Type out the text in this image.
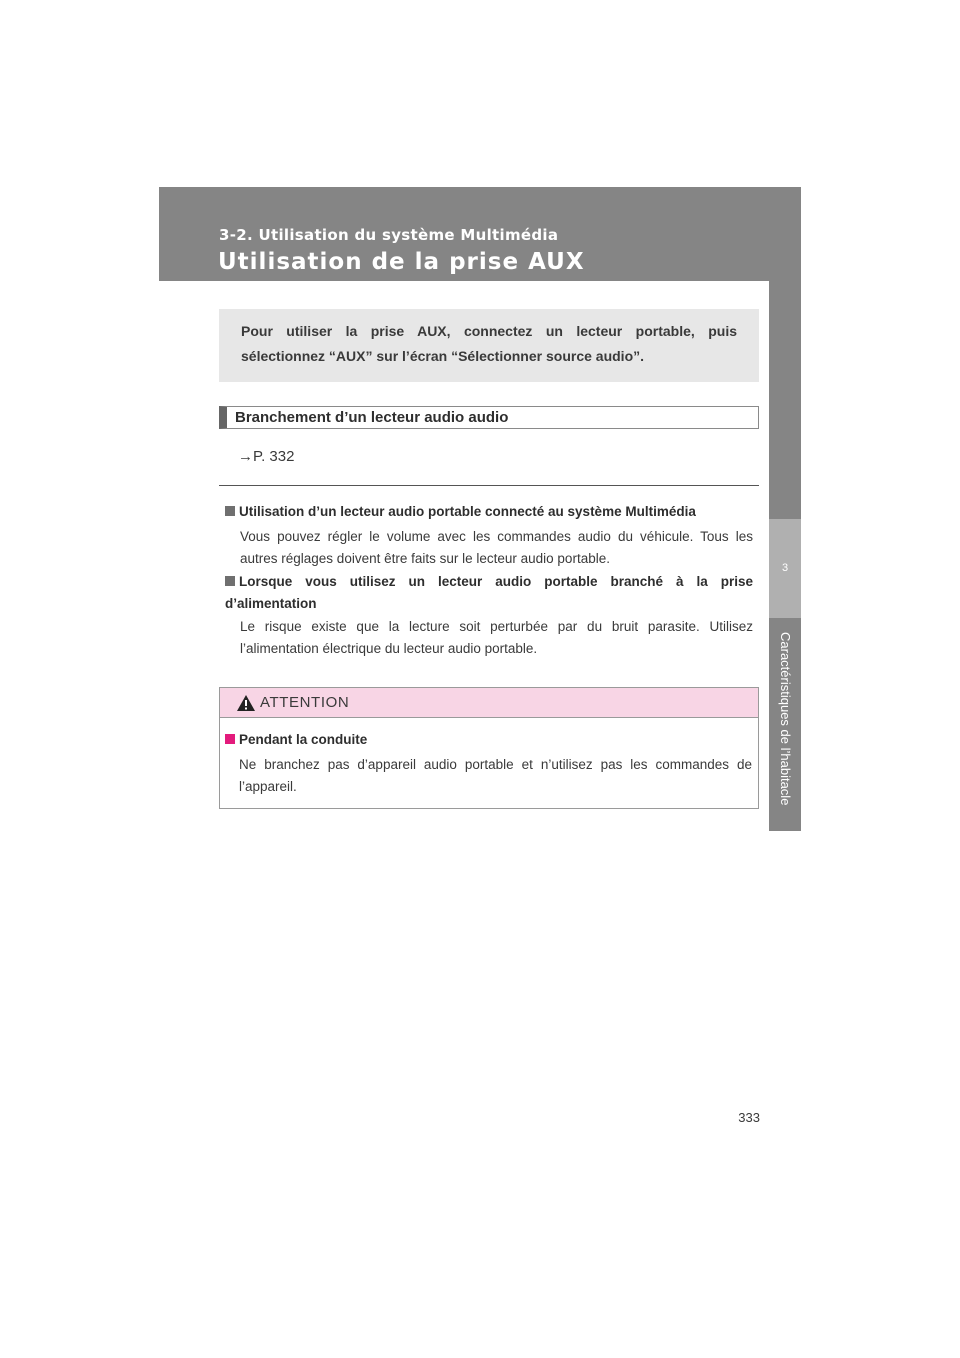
3-2. Utilisation du système Multimédia
Utilisation de la prise AUX
3
Caractéristiques de l’habitacle

Pour utiliser la prise AUX, connectez un lecteur portable, puis sélectionnez “AUX” sur l’écran “Sélectionner source audio”.

Branchement d’un lecteur audio audio
→P. 332
Utilisation d’un lecteur audio portable connecté au système Multimédia
Vous pouvez régler le volume avec les commandes audio du véhicule. Tous les autres réglages doivent être faits sur le lecteur audio portable.
Lorsque vous utilisez un lecteur audio portable branché à la prise d’alimentation
Le risque existe que la lecture soit perturbée par du bruit parasite. Utilisez l’alimentation électrique du lecteur audio portable.
ATTENTION
Pendant la conduite
Ne branchez pas d’appareil audio portable et n’utilisez pas les commandes de l’appareil.
333
